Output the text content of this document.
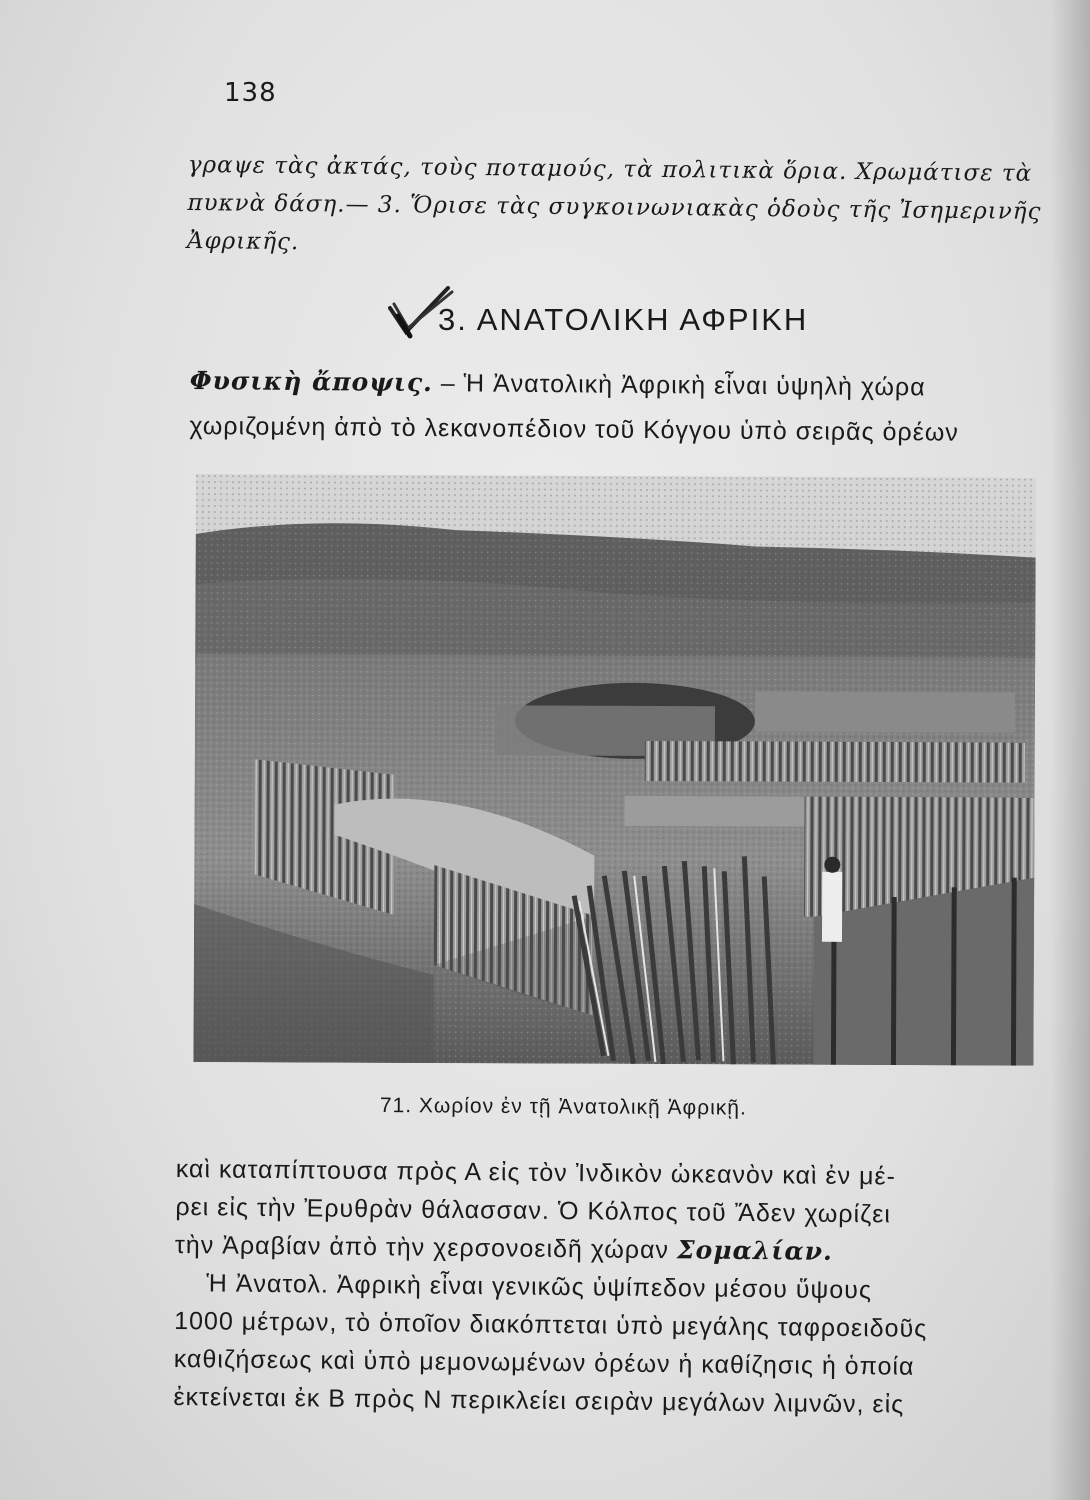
138

γραψε τὰς ἀκτάς, τοὺς ποταμούς, τὰ πολιτικὰ ὅρια. Χρωμάτισε τὰ

πυκνὰ δάση.— 3. Ὅρισε τὰς συγκοινωνιακὰς ὁδοὺς τῆς Ἰσημερινῆς

Ἀφρικῆς.

3. ΑΝΑΤΟΛΙΚΗ ΑΦΡΙΚΗ

Φυσικὴ ἄποψις. – Ἡ Ἀνατολικὴ Ἀφρικὴ εἶναι ὑψηλὴ χώρα

χωριζομένη ἀπὸ τὸ λεκανοπέδιον τοῦ Κόγγου ὑπὸ σειρᾶς ὀρέων

71. Χωρίον ἐν τῇ Ἀνατολικῇ Ἀφρικῇ.

καὶ καταπίπτουσα πρὸς Α εἰς τὸν Ἰνδικὸν ὠκεανὸν καὶ ἐν μέ-

ρει εἰς τὴν Ἐρυθρὰν θάλασσαν. Ὁ Κόλπος τοῦ Ἄδεν χωρίζει

τὴν Ἀραβίαν ἀπὸ τὴν χερσονοειδῆ χώραν Σομαλίαν.

Ἡ Ἀνατολ. Ἀφρικὴ εἶναι γενικῶς ὑψίπεδον μέσου ὕψους

1000 μέτρων, τὸ ὁποῖον διακόπτεται ὑπὸ μεγάλης ταφροειδοῦς

καθιζήσεως καὶ ὑπὸ μεμονωμένων ὀρέων ἡ καθίζησις ἡ ὁποία

ἐκτείνεται ἐκ Β πρὸς Ν περικλείει σειρὰν μεγάλων λιμνῶν, εἰς
